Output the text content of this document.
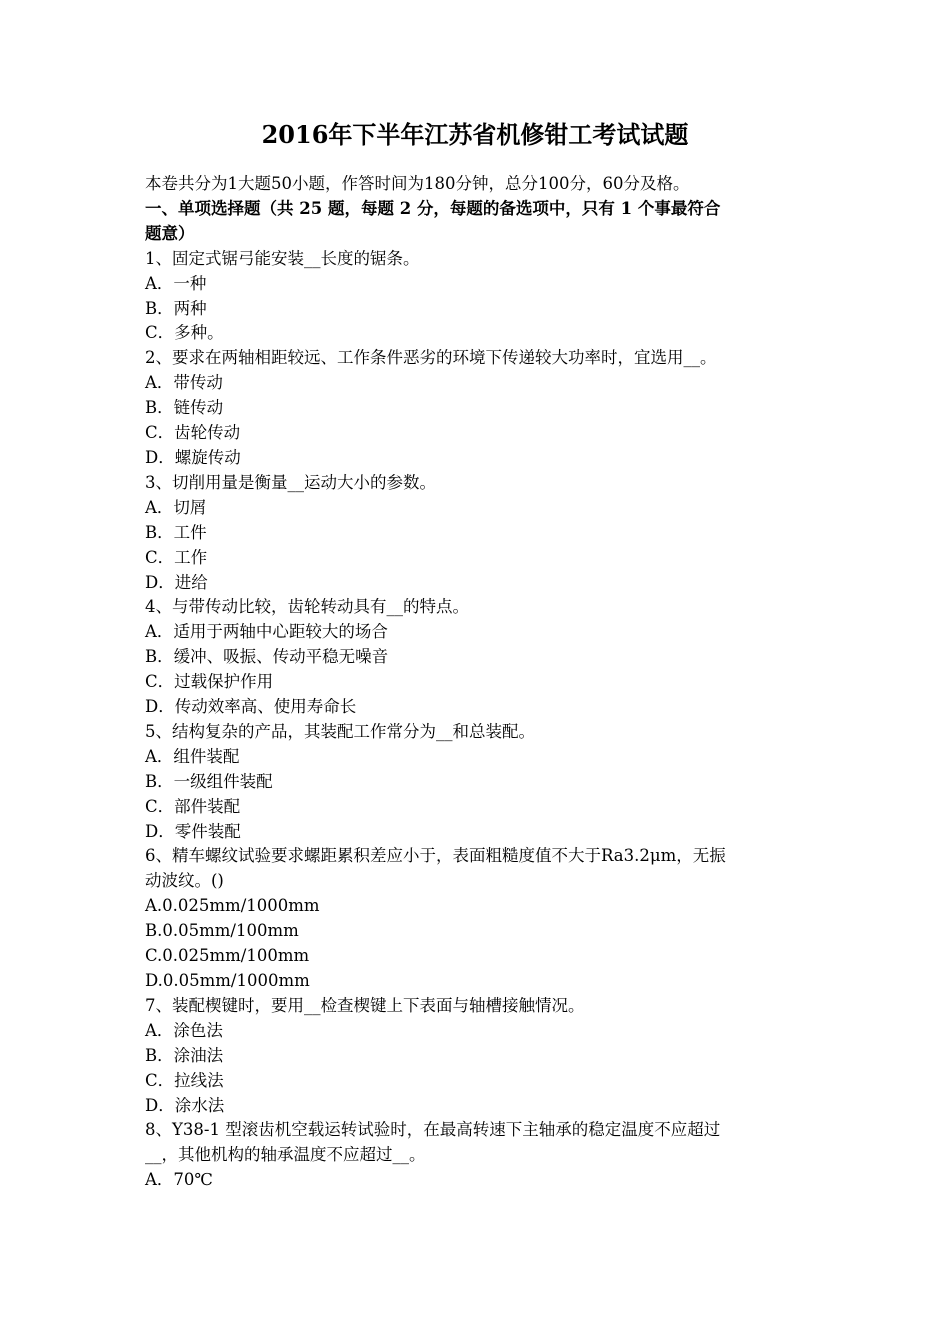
2016年下半年江苏省机修钳工考试试题
本卷共分为1大题50小题，作答时间为180分钟，总分100分，60分及格。
一、单项选择题（共 25 题，每题 2 分，每题的备选项中，只有 1 个事最符合
题意）
1、固定式锯弓能安装__长度的锯条。
A．一种
B．两种
C．多种。
2、要求在两轴相距较远、工作条件恶劣的环境下传递较大功率时，宜选用__。
A．带传动
B．链传动
C．齿轮传动
D．螺旋传动
3、切削用量是衡量__运动大小的参数。
A．切屑
B．工件
C．工作
D．进给
4、与带传动比较，齿轮转动具有__的特点。
A．适用于两轴中心距较大的场合
B．缓冲、吸振、传动平稳无噪音
C．过载保护作用
D．传动效率高、使用寿命长
5、结构复杂的产品，其装配工作常分为__和总装配。
A．组件装配
B．一级组件装配
C．部件装配
D．零件装配
6、精车螺纹试验要求螺距累积差应小于，表面粗糙度值不大于Ra3.2μm，无振
动波纹。()
A.0.025mm/1000mm
B.0.05mm/100mm
C.0.025mm/100mm
D.0.05mm/1000mm
7、装配楔键时，要用__检查楔键上下表面与轴槽接触情况。
A．涂色法
B．涂油法
C．拉线法
D．涂水法
8、Y38-1 型滚齿机空载运转试验时，在最高转速下主轴承的稳定温度不应超过
__，其他机构的轴承温度不应超过__。
A．70℃
